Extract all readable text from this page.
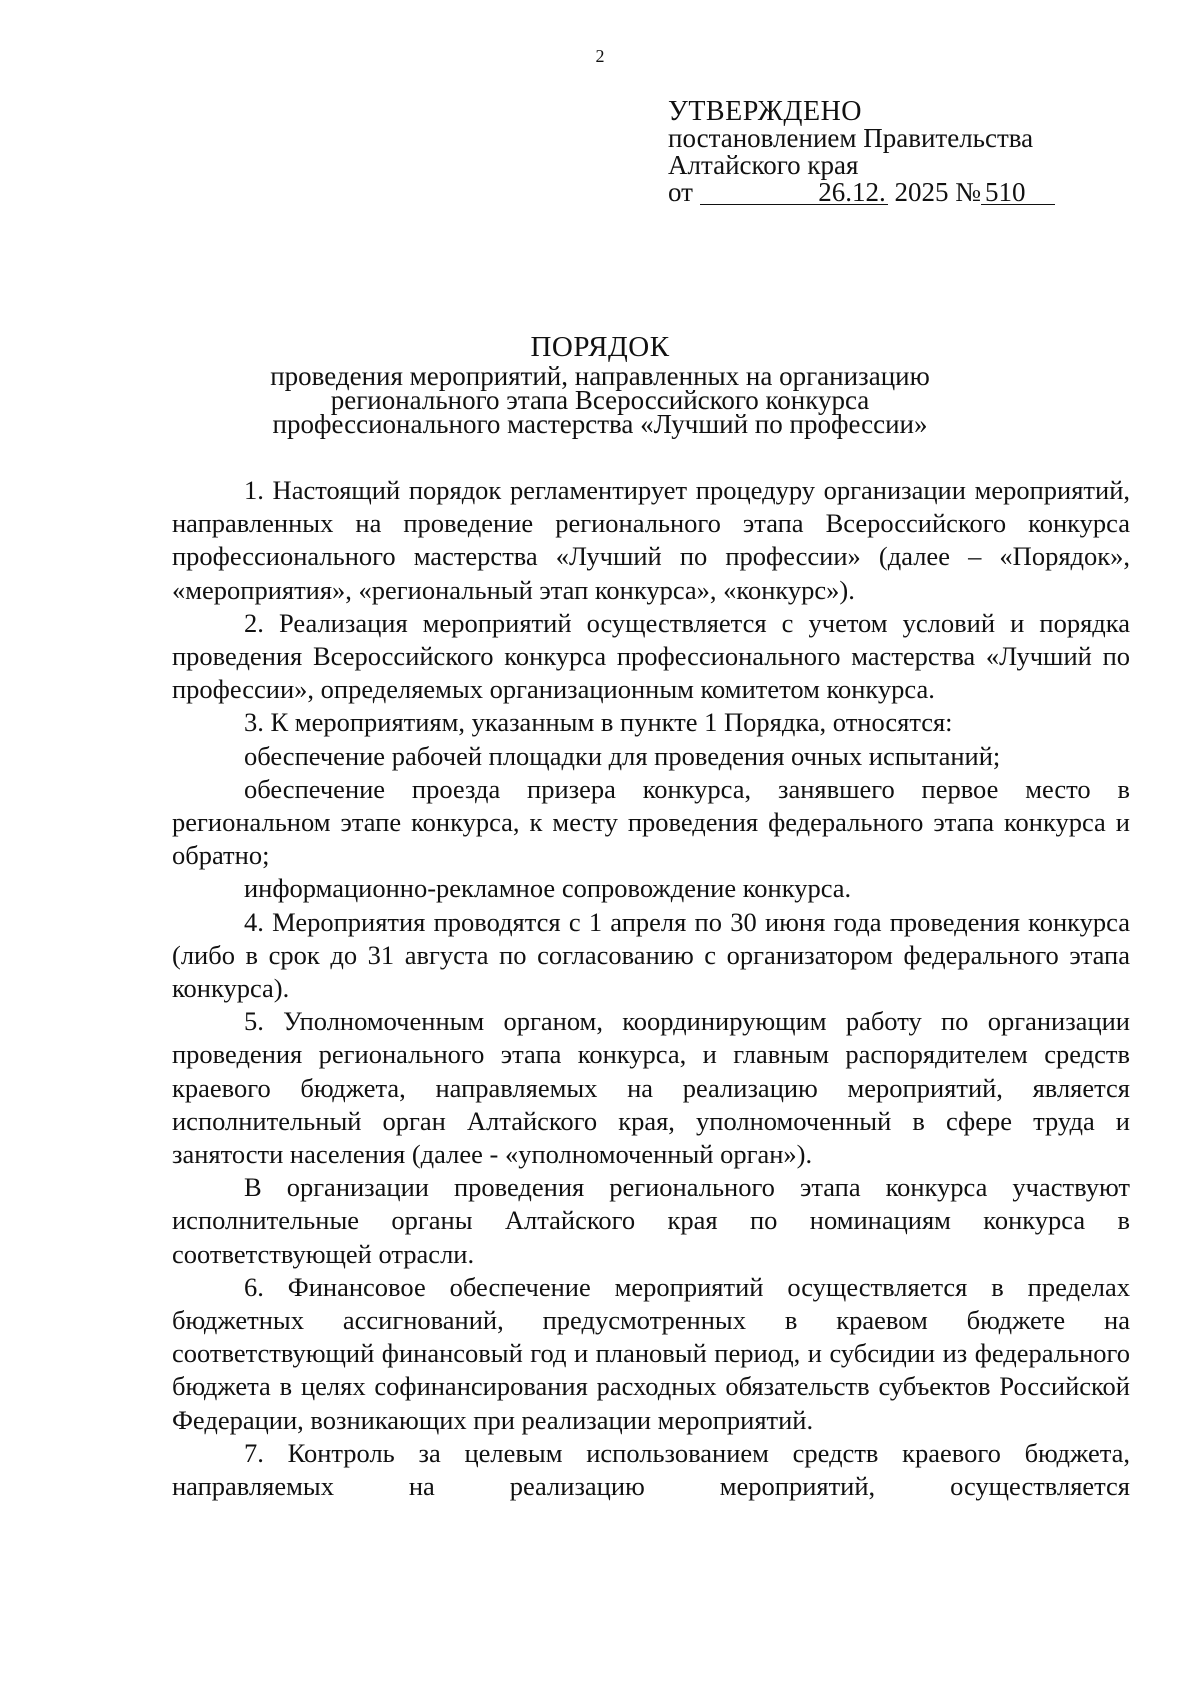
2
УТВЕРЖДЕНО
постановлением Правительства
Алтайского края
от	26.12. 2025 № 510
ПОРЯДОК
проведения мероприятий, направленных на организацию
регионального этапа Всероссийского конкурса
профессионального мастерства «Лучший по профессии»

1. Настоящий порядок регламентирует процедуру организации мероприятий, направленных на проведение регионального этапа Всероссийского конкурса профессионального мастерства «Лучший по профессии» (далее – «Порядок», «мероприятия», «региональный этап конкурса», «конкурс»).

2. Реализация мероприятий осуществляется с учетом условий и порядка проведения Всероссийского конкурса профессионального мастерства «Лучший по профессии», определяемых организационным комитетом конкурса.

3. К мероприятиям, указанным в пункте 1 Порядка, относятся:

обеспечение рабочей площадки для проведения очных испытаний;

обеспечение проезда призера конкурса, занявшего первое место в региональном этапе конкурса, к месту проведения федерального этапа конкурса и обратно;

информационно-рекламное сопровождение конкурса.

4. Мероприятия проводятся с 1 апреля по 30 июня года проведения конкурса (либо в срок до 31 августа по согласованию с организатором федерального этапа конкурса).

5. Уполномоченным органом, координирующим работу по организации проведения регионального этапа конкурса, и главным распорядителем средств краевого бюджета, направляемых на реализацию мероприятий, является исполнительный орган Алтайского края, уполномоченный в сфере труда и занятости населения (далее - «уполномоченный орган»).

В организации проведения регионального этапа конкурса участвуют исполнительные органы Алтайского края по номинациям конкурса в соответствующей отрасли.

6. Финансовое обеспечение мероприятий осуществляется в пределах бюджетных ассигнований, предусмотренных в краевом бюджете на соответствующий финансовый год и плановый период, и субсидии из федерального бюджета в целях софинансирования расходных обязательств субъектов Российской Федерации, возникающих при реализации мероприятий.

7. Контроль за целевым использованием средств краевого бюджета, направляемых на реализацию мероприятий, осуществляется
